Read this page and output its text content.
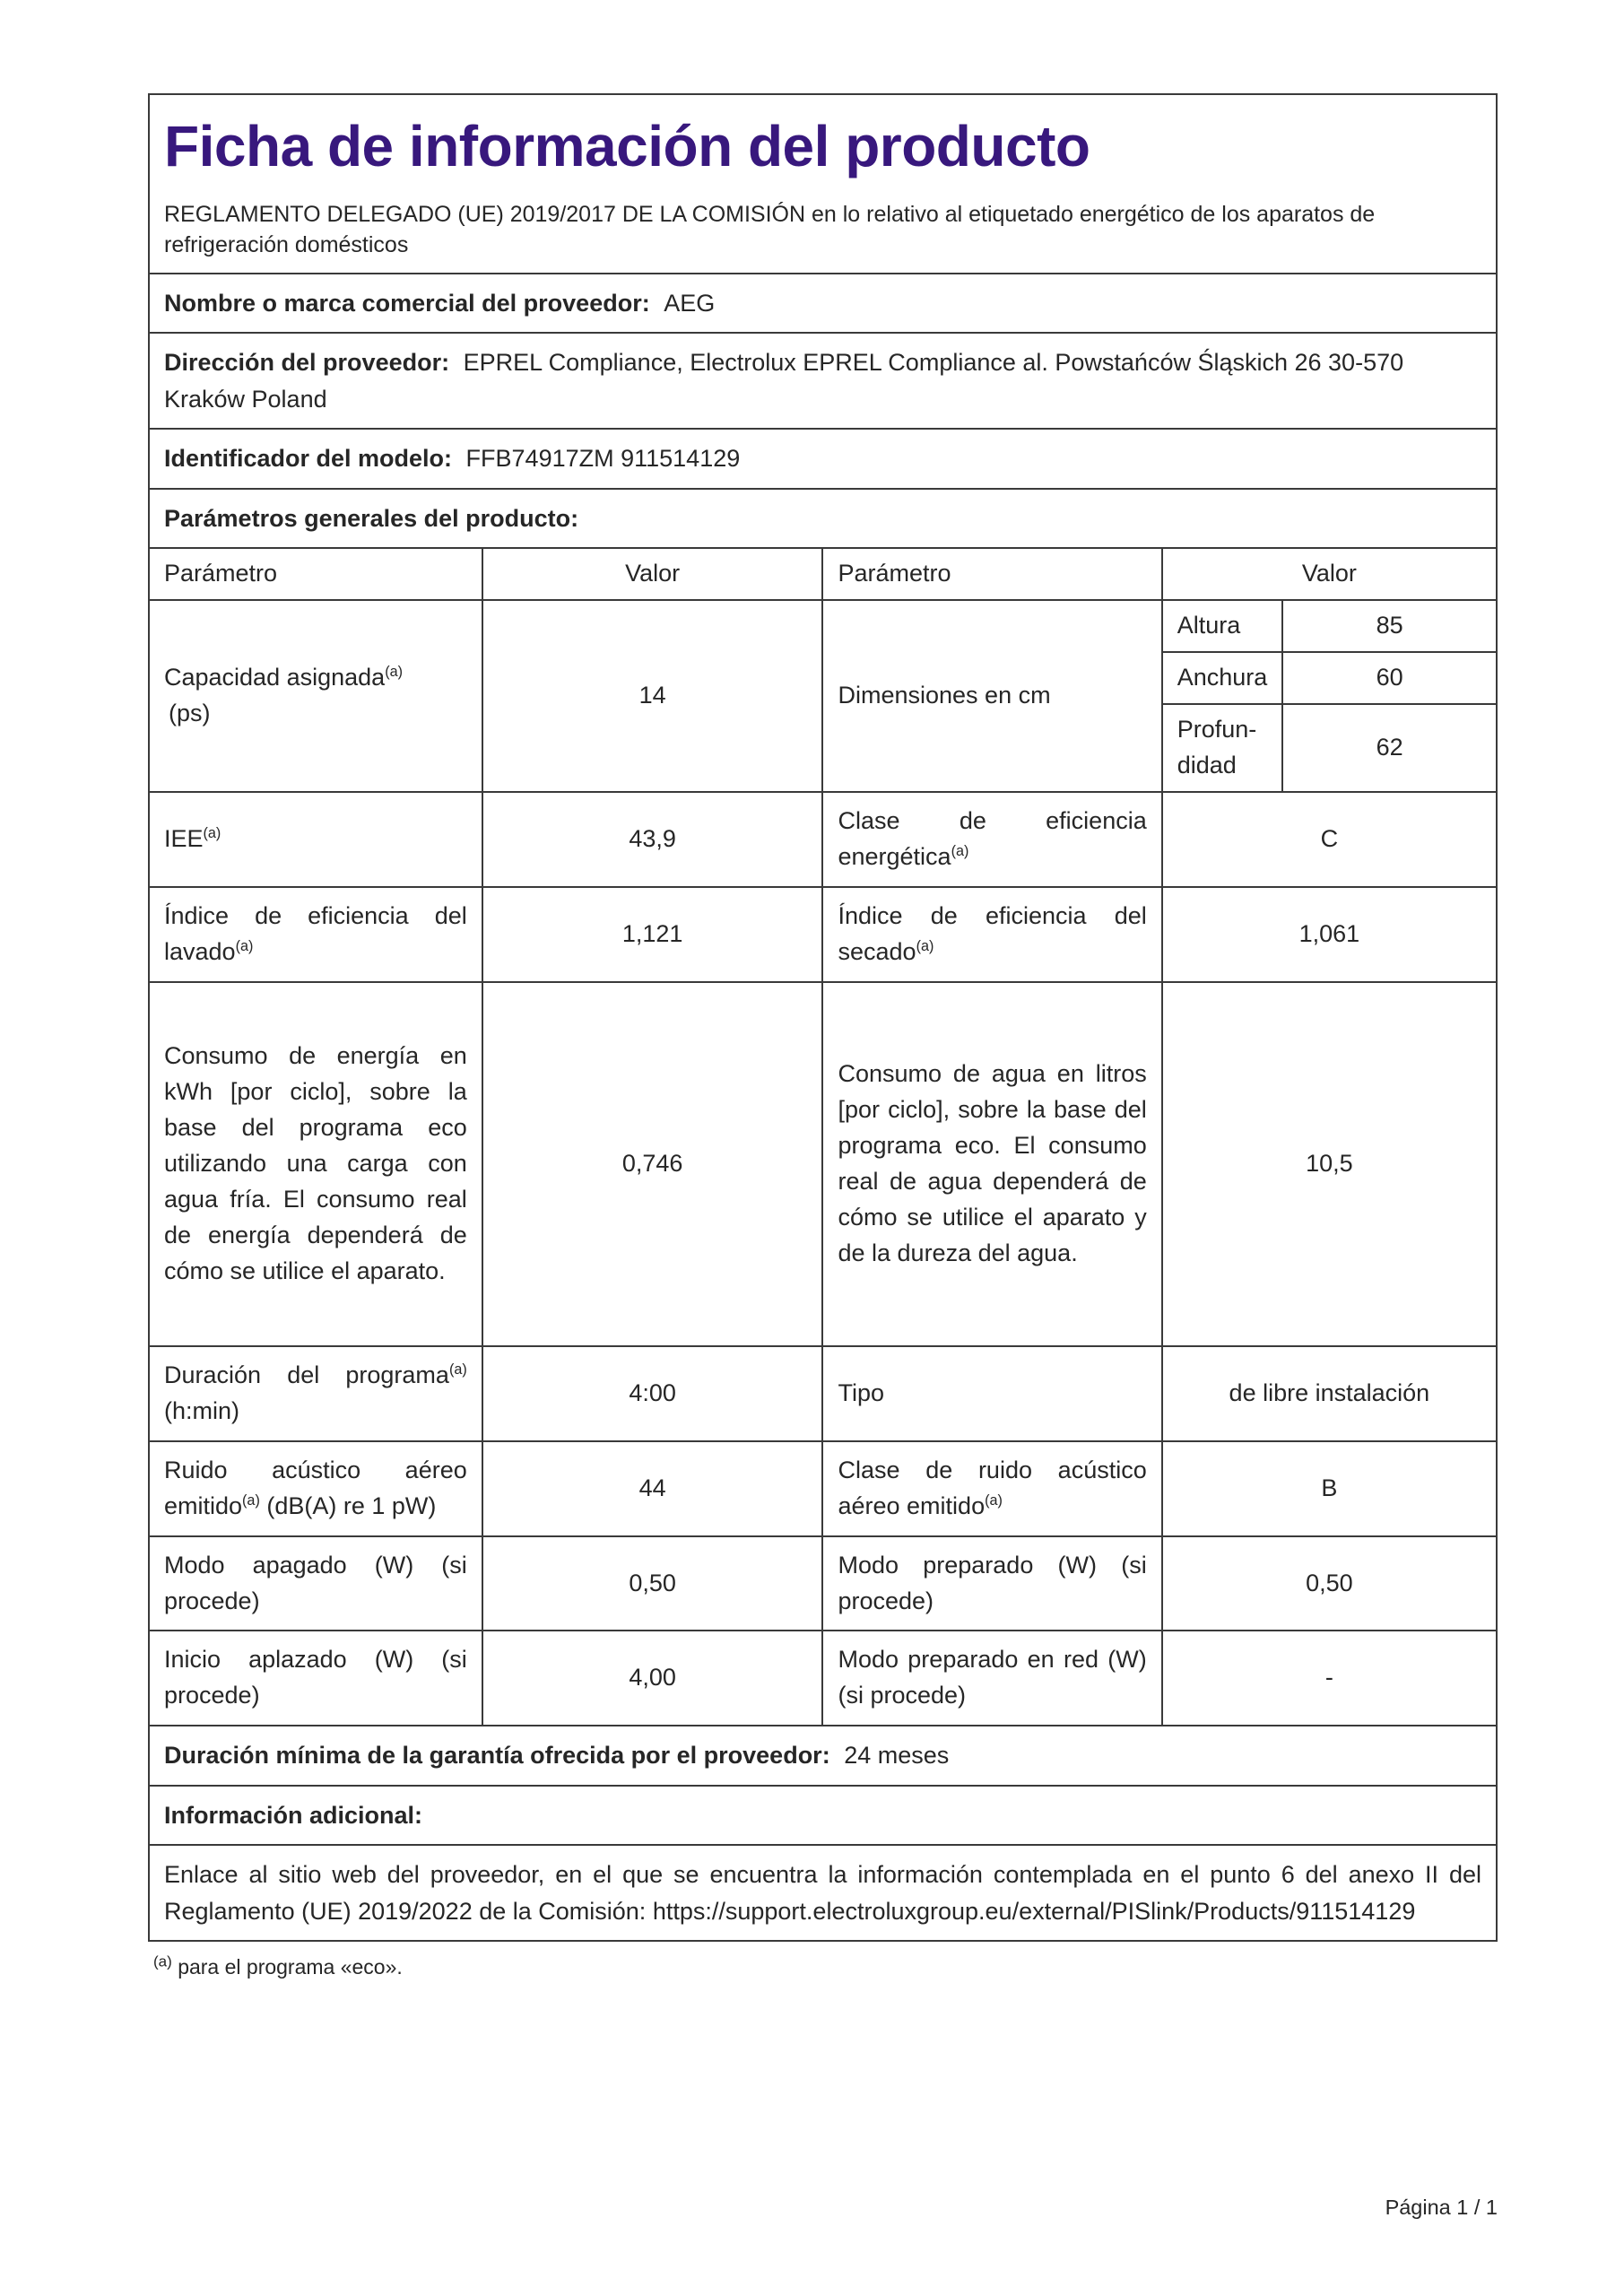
Ficha de información del producto

REGLAMENTO DELEGADO (UE) 2019/2017 DE LA COMISIÓN en lo relativo al etiquetado energético de los aparatos de refrigeración domésticos

Nombre o marca comercial del proveedor: AEG
Dirección del proveedor: EPREL Compliance, Electrolux EPREL Compliance al. Powstańców Śląskich 26 30-570 Kraków Poland
Identificador del modelo: FFB74917ZM 911514129
Parámetros generales del producto:
Parámetro	Valor	Parámetro	Valor
Capacidad asignada$^{(a)}$
(ps)
	14	Dimensiones en cm	
Altura	85
Anchura	60
Profundidad	62

IEE$^{(a)}$	43,9	Clase de eficiencia energética$^{(a)}$	C
Índice de eficiencia del lavado$^{(a)}$	1,121	Índice de eficiencia del secado$^{(a)}$	1,061
Consumo de energía en kWh [por ciclo], sobre la base del programa eco utilizando una carga con agua fría. El consumo real de energía dependerá de cómo se utilice el aparato.	0,746	Consumo de agua en litros [por ciclo], sobre la base del programa eco. El consumo real de agua dependerá de cómo se utilice el aparato y de la dureza del agua.	10,5
Duración del programa$^{(a)}$ (h:min)	4:00	Tipo	de libre instalación
Ruido acústico aéreo emitido$^{(a)}$ (dB(A) re 1 pW)	44	Clase de ruido acústico aéreo emitido$^{(a)}$	B
Modo apagado (W) (si procede)	0,50	Modo preparado (W) (si procede)	0,50
Inicio aplazado (W) (si procede)	4,00	Modo preparado en red (W) (si procede)	-
Duración mínima de la garantía ofrecida por el proveedor: 24 meses
Información adicional:
Enlace al sitio web del proveedor, en el que se encuentra la información contemplada en el punto 6 del anexo II del Reglamento (UE) 2019/2022 de la Comisión: https://support.electroluxgroup.eu/external/PISlink/Products/911514129
$^{(a)}$ para el programa «eco».
Página 1 / 1
